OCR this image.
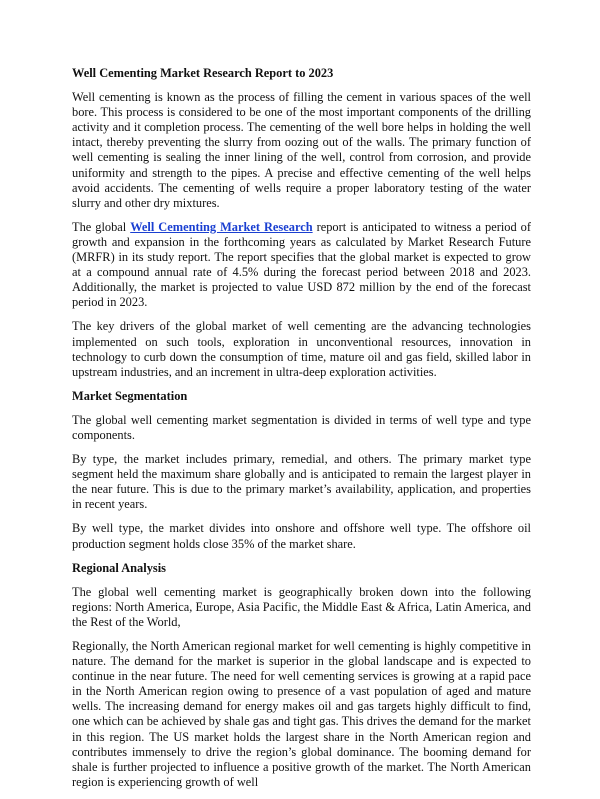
Well Cementing Market Research Report to 2023

Well cementing is known as the process of filling the cement in various spaces of the well bore. This process is considered to be one of the most important components of the drilling activity and it completion process. The cementing of the well bore helps in holding the well intact, thereby preventing the slurry from oozing out of the walls. The primary function of well cementing is sealing the inner lining of the well, control from corrosion, and provide uniformity and strength to the pipes. A precise and effective cementing of the well helps avoid accidents. The cementing of wells require a proper laboratory testing of the water slurry and other dry mixtures.

The global Well Cementing Market Research report is anticipated to witness a period of growth and expansion in the forthcoming years as calculated by Market Research Future (MRFR) in its study report. The report specifies that the global market is expected to grow at a compound annual rate of 4.5% during the forecast period between 2018 and 2023. Additionally, the market is projected to value USD 872 million by the end of the forecast period in 2023.

The key drivers of the global market of well cementing are the advancing technologies implemented on such tools, exploration in unconventional resources, innovation in technology to curb down the consumption of time, mature oil and gas field, skilled labor in upstream industries, and an increment in ultra-deep exploration activities.

Market Segmentation

The global well cementing market segmentation is divided in terms of well type and type components.

By type, the market includes primary, remedial, and others. The primary market type segment held the maximum share globally and is anticipated to remain the largest player in the near future. This is due to the primary market’s availability, application, and properties in recent years.

By well type, the market divides into onshore and offshore well type. The offshore oil production segment holds close 35% of the market share.

Regional Analysis

The global well cementing market is geographically broken down into the following regions: North America, Europe, Asia Pacific, the Middle East & Africa, Latin America, and the Rest of the World,

Regionally, the North American regional market for well cementing is highly competitive in nature. The demand for the market is superior in the global landscape and is expected to continue in the near future. The need for well cementing services is growing at a rapid pace in the North American region owing to presence of a vast population of aged and mature wells. The increasing demand for energy makes oil and gas targets highly difficult to find, one which can be achieved by shale gas and tight gas. This drives the demand for the market in this region. The US market holds the largest share in the North American region and contributes immensely to drive the region’s global dominance. The booming demand for shale is further projected to influence a positive growth of the market. The North American region is experiencing growth of well
